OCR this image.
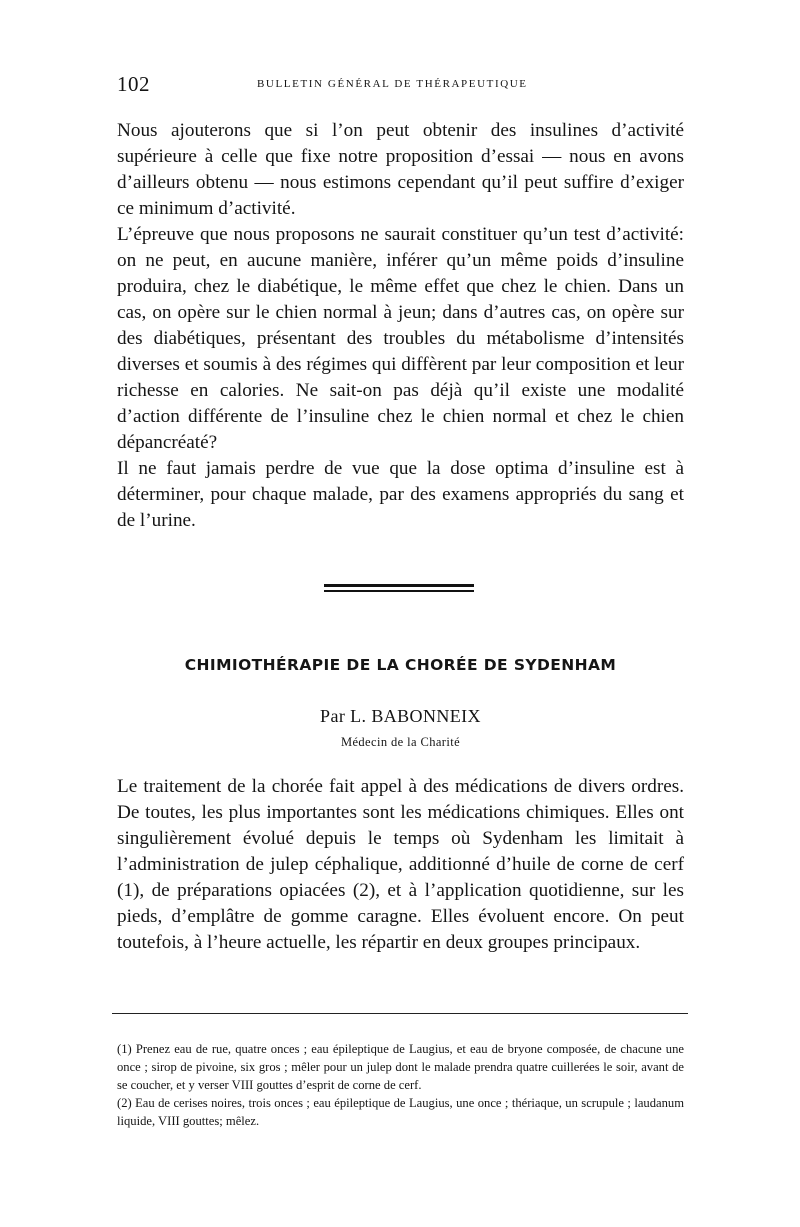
102	BULLETIN GÉNÉRAL DE THÉRAPEUTIQUE

Nous ajouterons que si l’on peut obtenir des insulines d’activité supérieure à celle que fixe notre proposition d’essai — nous en avons d’ailleurs obtenu — nous estimons cependant qu’il peut suffire d’exiger ce minimum d’activité.

L’épreuve que nous proposons ne saurait constituer qu’un test d’activité: on ne peut, en aucune manière, inférer qu’un même poids d’insuline produira, chez le diabétique, le même effet que chez le chien. Dans un cas, on opère sur le chien normal à jeun; dans d’autres cas, on opère sur des diabétiques, présentant des troubles du métabolisme d’intensités diverses et soumis à des régimes qui diffèrent par leur composition et leur richesse en calories. Ne sait-on pas déjà qu’il existe une modalité d’action différente de l’insuline chez le chien normal et chez le chien dépancréaté?

Il ne faut jamais perdre de vue que la dose optima d’insuline est à déterminer, pour chaque malade, par des examens appropriés du sang et de l’urine.

CHIMIOTHÉRAPIE DE LA CHORÉE DE SYDENHAM
Par L. BABONNEIX
Médecin de la Charité

Le traitement de la chorée fait appel à des médications de divers ordres. De toutes, les plus importantes sont les médications chimiques. Elles ont singulièrement évolué depuis le temps où Sydenham les limitait à l’administration de julep céphalique, additionné d’huile de corne de cerf (1), de préparations opiacées (2), et à l’application quotidienne, sur les pieds, d’emplâtre de gomme caragne. Elles évoluent encore. On peut toutefois, à l’heure actuelle, les répartir en deux groupes principaux.

(1) Prenez eau de rue, quatre onces ; eau épileptique de Laugius, et eau de bryone composée, de chacune une once ; sirop de pivoine, six gros ; mêler pour un julep dont le malade prendra quatre cuillerées le soir, avant de se coucher, et y verser VIII gouttes d’esprit de corne de cerf.

(2) Eau de cerises noires, trois onces ; eau épileptique de Laugius, une once ; thériaque, un scrupule ; laudanum liquide, VIII gouttes; mêlez.
